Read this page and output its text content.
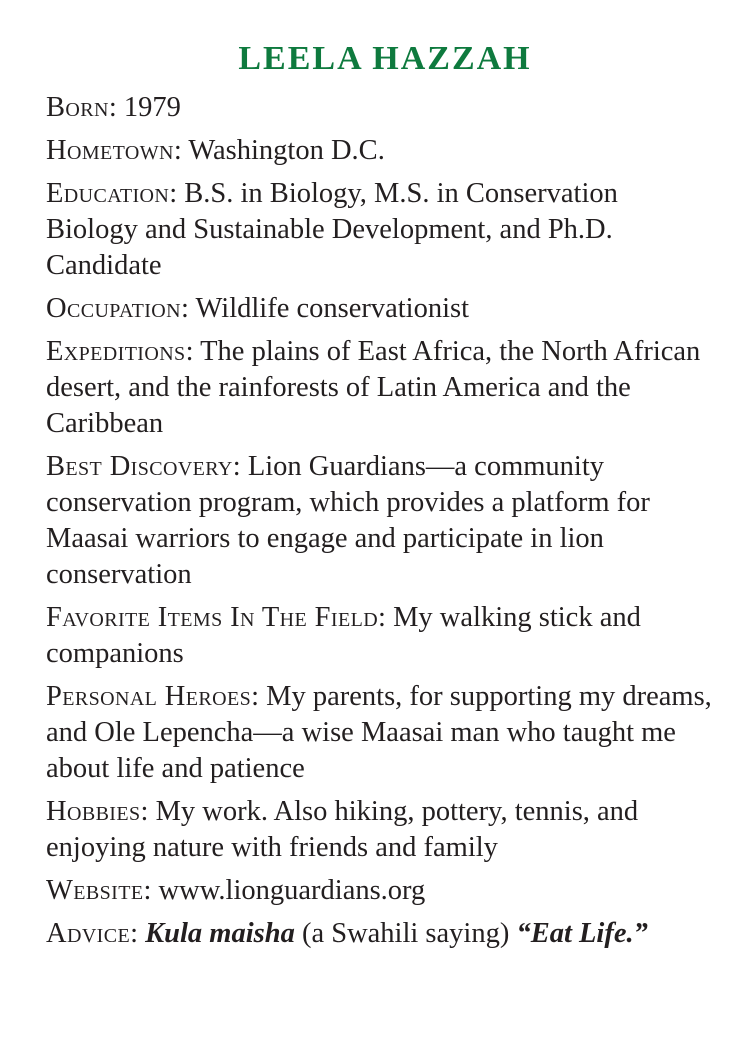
LEELA HAZZAH

Born: 1979

Hometown: Washington D.C.

Education: B.S. in Biology, M.S. in Conservation Biology and Sustainable Development, and Ph.D. Candidate

Occupation: Wildlife conservationist

Expeditions: The plains of East Africa, the North African desert, and the rainforests of Latin America and the Caribbean

Best Discovery: Lion Guardians—a community conservation program, which provides a platform for Maasai warriors to engage and participate in lion conservation

Favorite Items In The Field: My walking stick and companions

Personal Heroes: My parents, for supporting my dreams, and Ole Lepencha—a wise Maasai man who taught me about life and patience

Hobbies: My work. Also hiking, pottery, tennis, and enjoying nature with friends and family

Website: www.lionguardians.org

Advice: Kula maisha (a Swahili saying) “Eat Life.”
